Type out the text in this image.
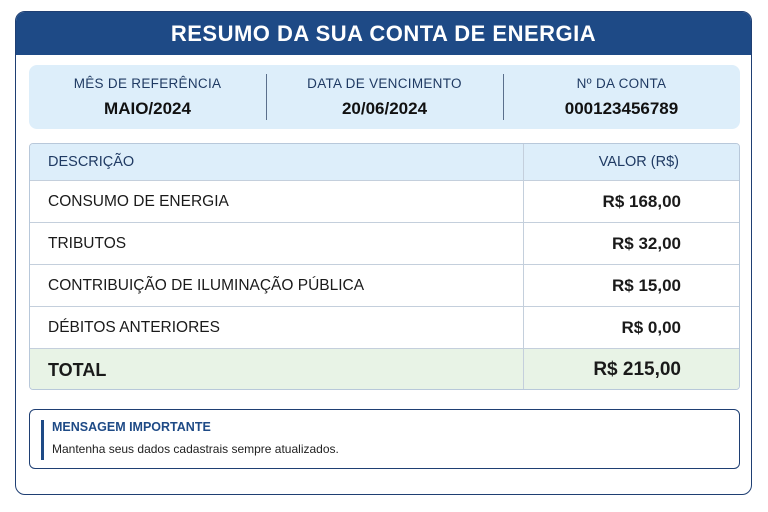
RESUMO DA SUA CONTA DE ENERGIA
MÊS DE REFERÊNCIA
MAIO/2024
DATA DE VENCIMENTO
20/06/2024
Nº DA CONTA
000123456789
DESCRIÇÃO	VALOR (R$)
CONSUMO DE ENERGIA	R$ 168,00
TRIBUTOS	R$ 32,00
CONTRIBUIÇÃO DE ILUMINAÇÃO PÚBLICA	R$ 15,00
DÉBITOS ANTERIORES	R$ 0,00
TOTAL	R$ 215,00
MENSAGEM IMPORTANTE
Mantenha seus dados cadastrais sempre atualizados.
